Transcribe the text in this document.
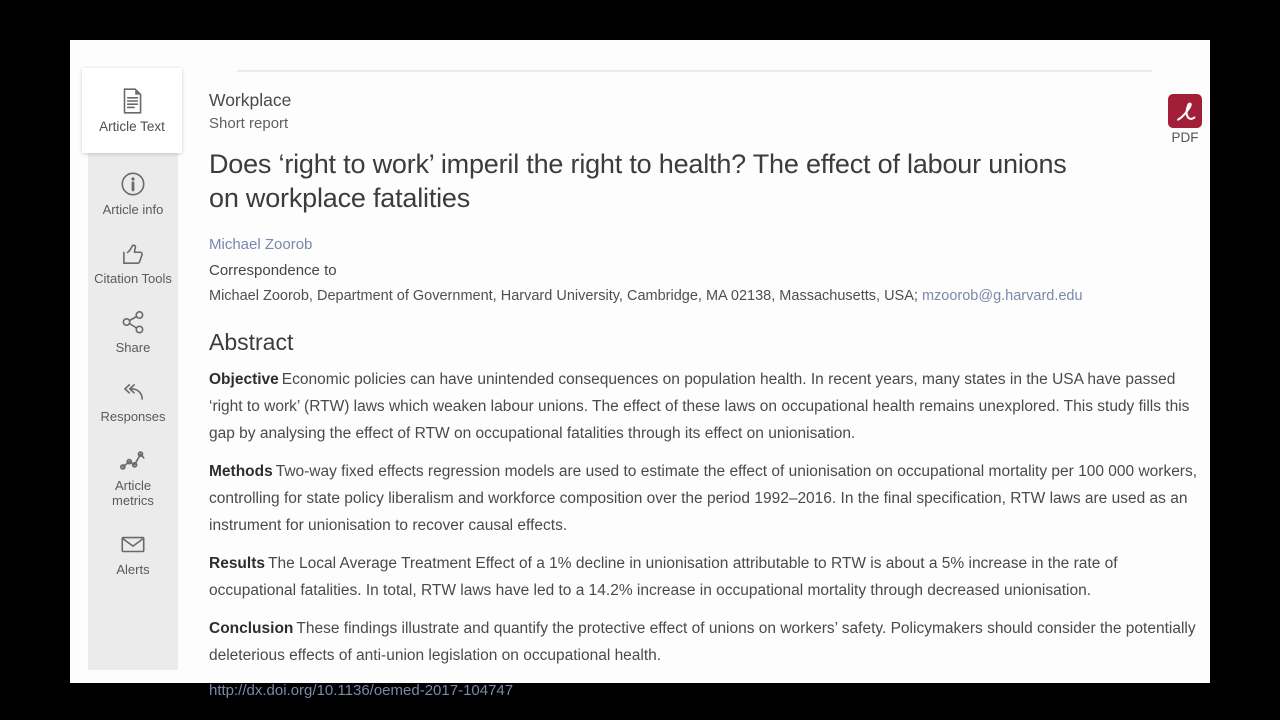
Article Text
Article info
Citation Tools
Share
Responses
Article metrics
Alerts
PDF

Workplace

Short report

Does ‘right to work’ imperil the right to health? The effect of labour unions on workplace fatalities

Michael Zoorob

Correspondence to

Michael Zoorob, Department of Government, Harvard University, Cambridge, MA 02138, Massachusetts, USA; mzoorob@g.harvard.edu

Abstract

Objective Economic policies can have unintended consequences on population health. In recent years, many states in the USA have passed ‘right to work’ (RTW) laws which weaken labour unions. The effect of these laws on occupational health remains unexplored. This study fills this gap by analysing the effect of RTW on occupational fatalities through its effect on unionisation.

Methods Two-way fixed effects regression models are used to estimate the effect of unionisation on occupational mortality per 100 000 workers, controlling for state policy liberalism and workforce composition over the period 1992–2016. In the final specification, RTW laws are used as an instrument for unionisation to recover causal effects.

Results The Local Average Treatment Effect of a 1% decline in unionisation attributable to RTW is about a 5% increase in the rate of occupational fatalities. In total, RTW laws have led to a 14.2% increase in occupational mortality through decreased unionisation.

Conclusion These findings illustrate and quantify the protective effect of unions on workers’ safety. Policymakers should consider the potentially deleterious effects of anti-union legislation on occupational health.

http://dx.doi.org/10.1136/oemed-2017-104747
